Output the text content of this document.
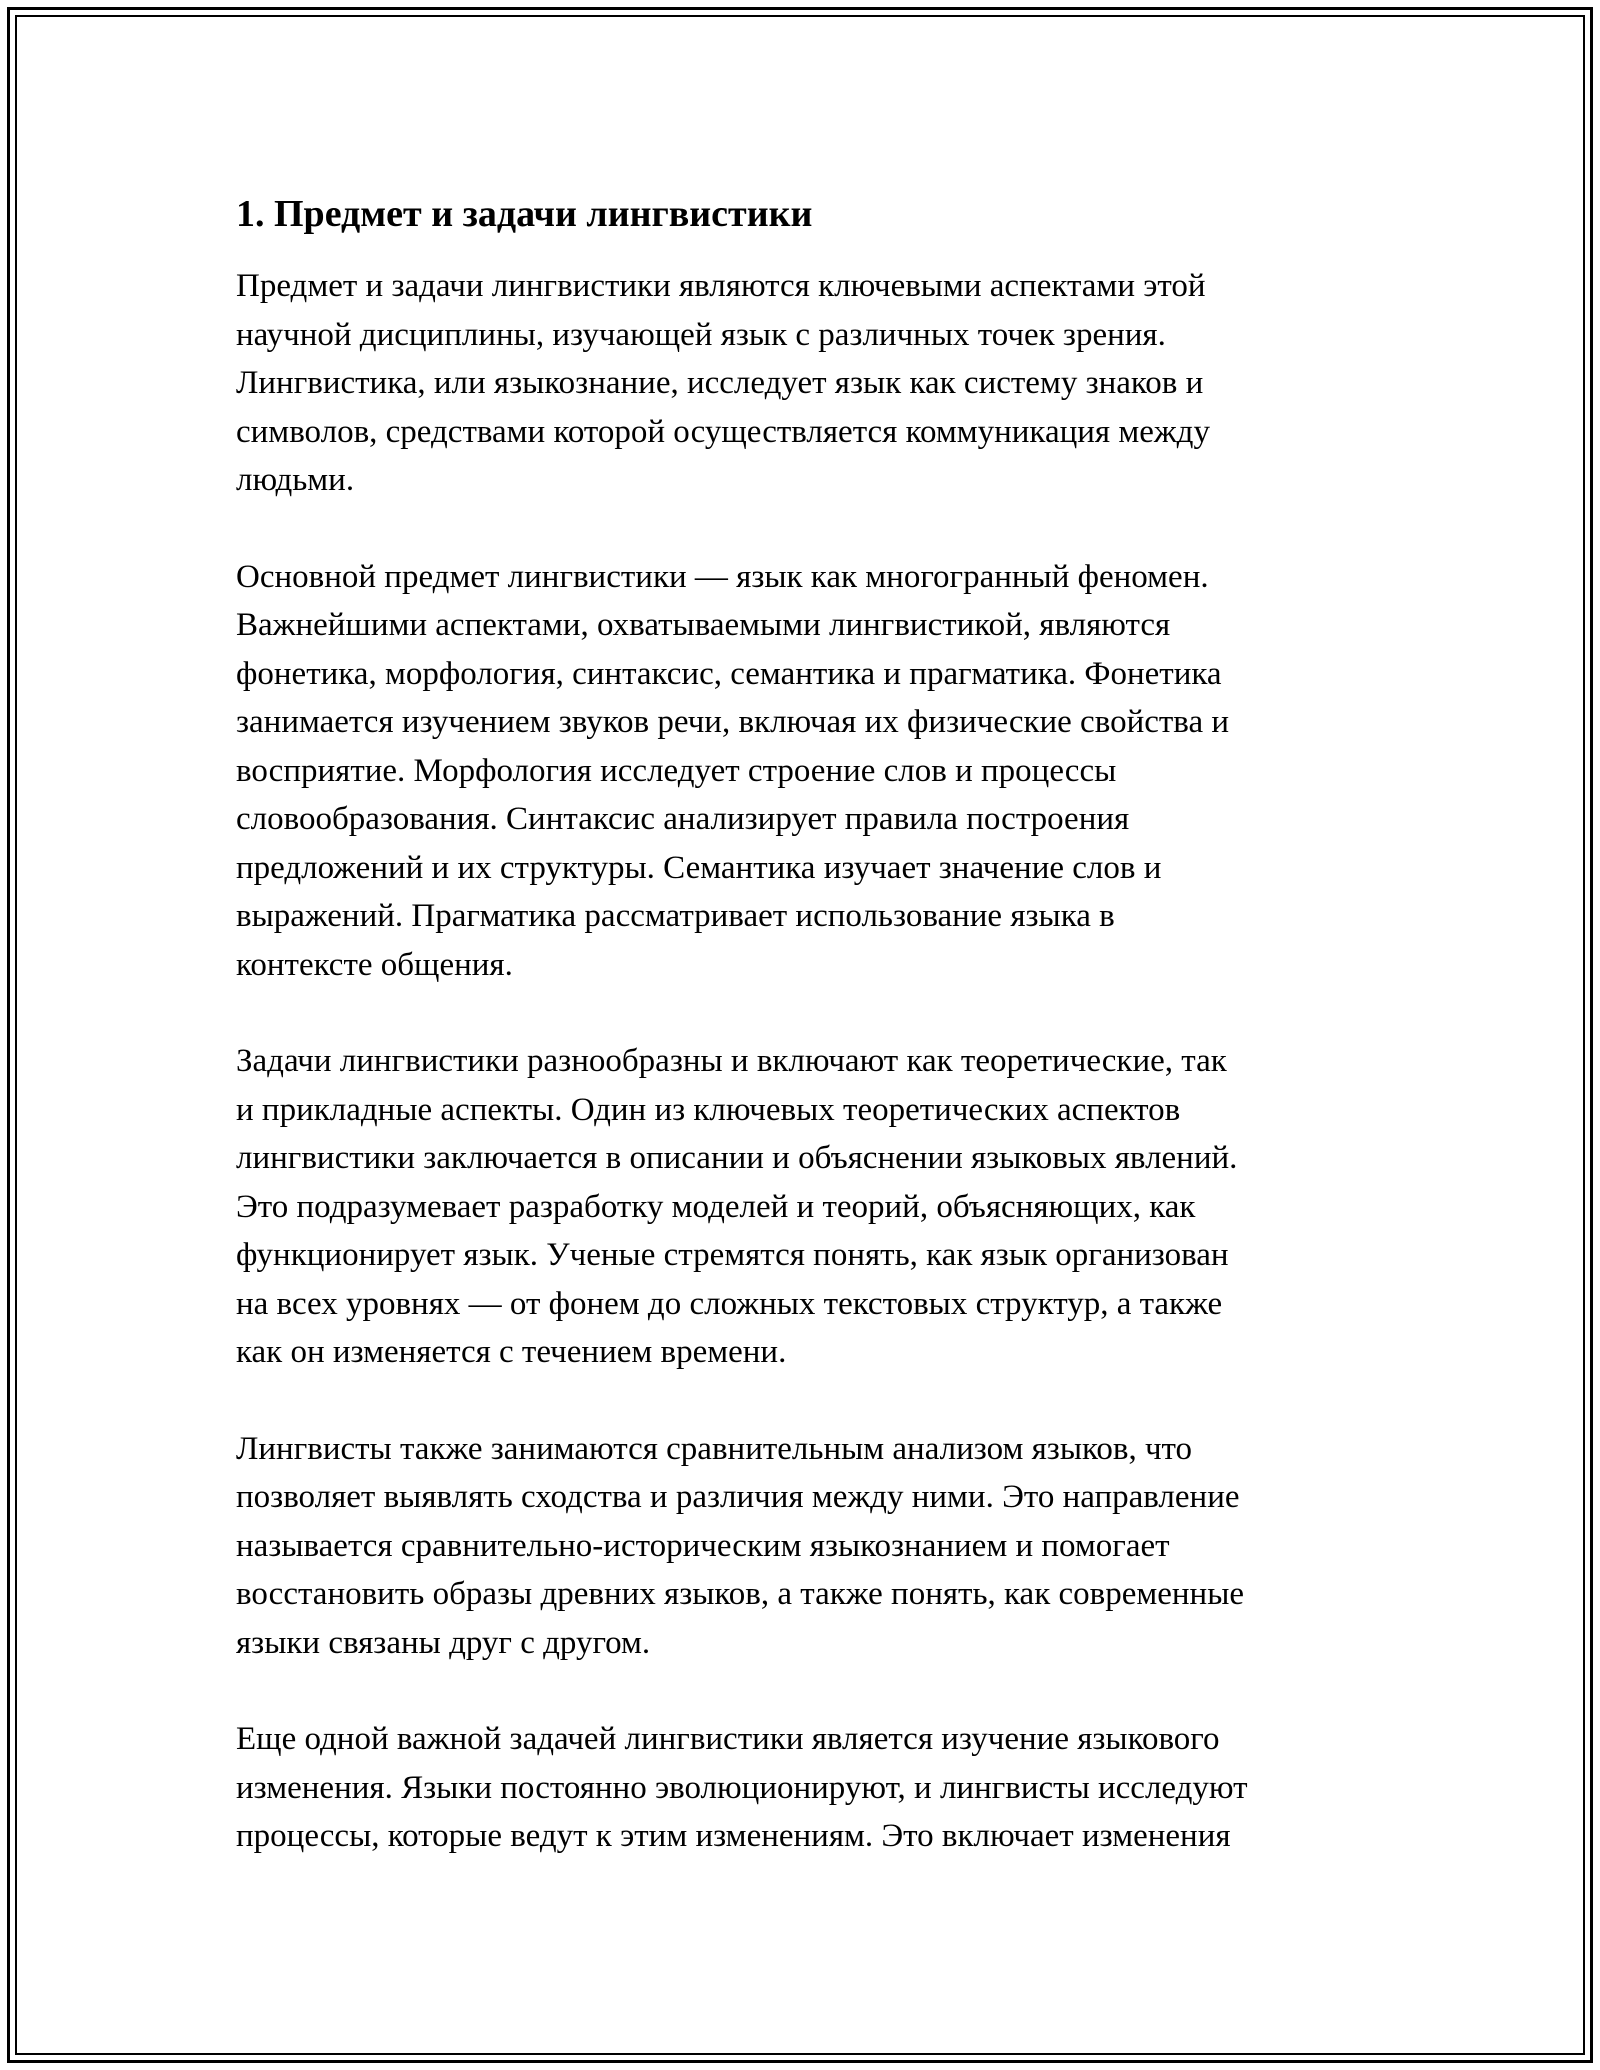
1. Предмет и задачи лингвистики
Предмет и задачи лингвистики являются ключевыми аспектами этой
научной дисциплины, изучающей язык с различных точек зрения.
Лингвистика, или языкознание, исследует язык как систему знаков и
символов, средствами которой осуществляется коммуникация между
людьми.
Основной предмет лингвистики — язык как многогранный феномен.
Важнейшими аспектами, охватываемыми лингвистикой, являются
фонетика, морфология, синтаксис, семантика и прагматика. Фонетика
занимается изучением звуков речи, включая их физические свойства и
восприятие. Морфология исследует строение слов и процессы
словообразования. Синтаксис анализирует правила построения
предложений и их структуры. Семантика изучает значение слов и
выражений. Прагматика рассматривает использование языка в
контексте общения.
Задачи лингвистики разнообразны и включают как теоретические, так
и прикладные аспекты. Один из ключевых теоретических аспектов
лингвистики заключается в описании и объяснении языковых явлений.
Это подразумевает разработку моделей и теорий, объясняющих, как
функционирует язык. Ученые стремятся понять, как язык организован
на всех уровнях — от фонем до сложных текстовых структур, а также
как он изменяется с течением времени.
Лингвисты также занимаются сравнительным анализом языков, что
позволяет выявлять сходства и различия между ними. Это направление
называется сравнительно-историческим языкознанием и помогает
восстановить образы древних языков, а также понять, как современные
языки связаны друг с другом.
Еще одной важной задачей лингвистики является изучение языкового
изменения. Языки постоянно эволюционируют, и лингвисты исследуют
процессы, которые ведут к этим изменениям. Это включает изменения
